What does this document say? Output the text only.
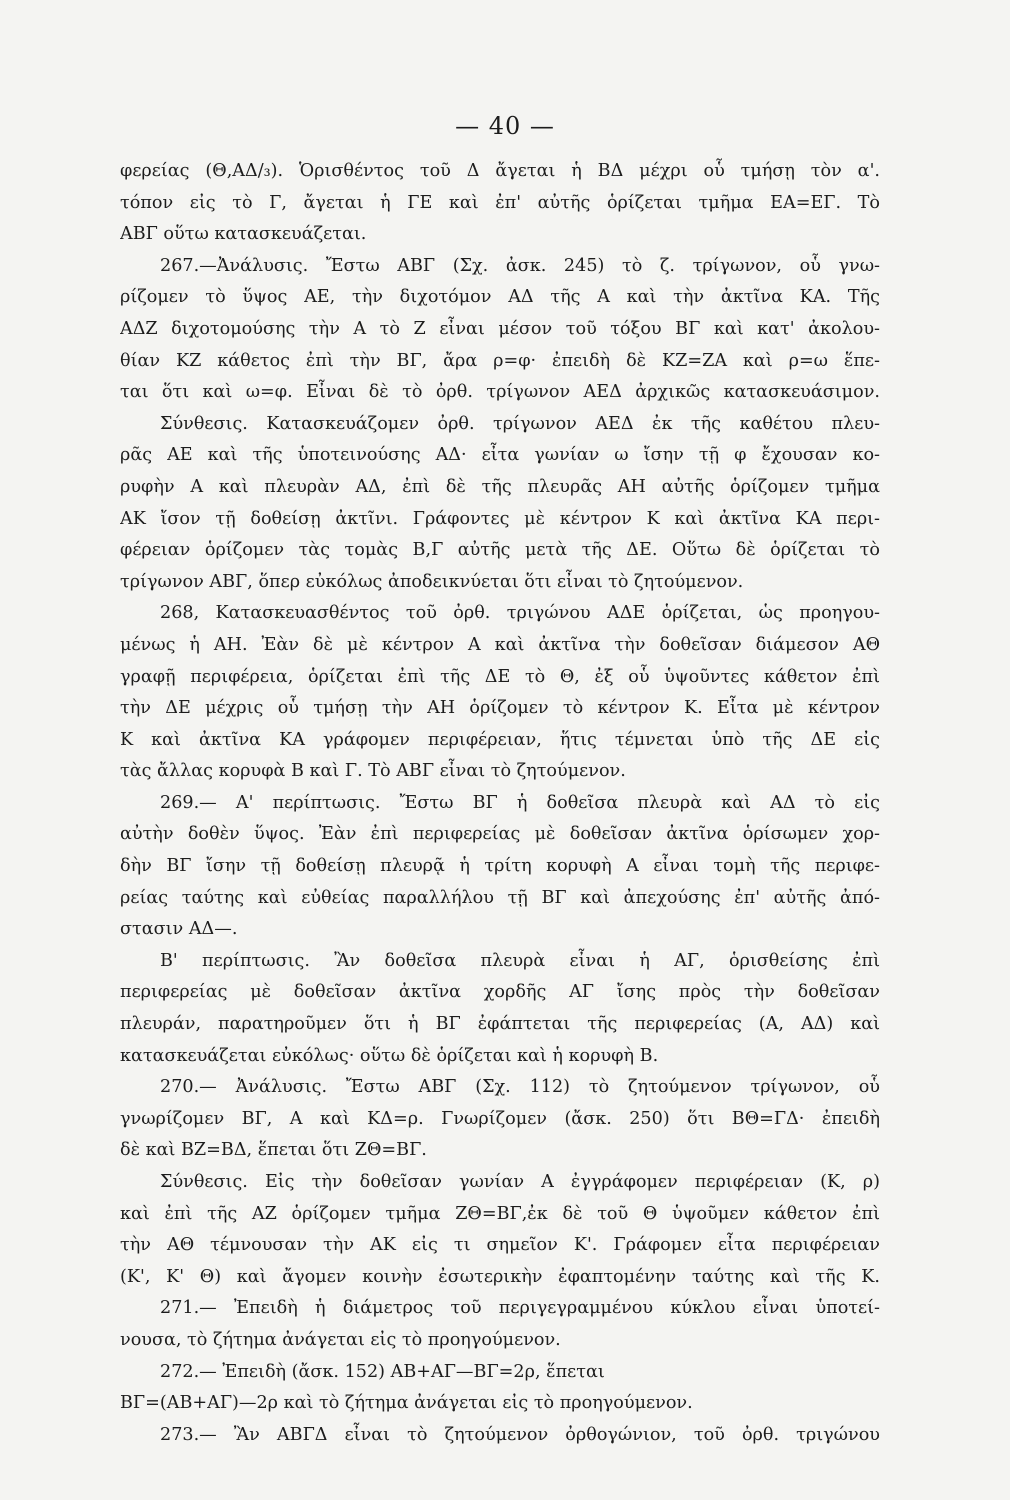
— 40 —
φερείας (Θ,ΑΔ/₃). Ὁρισθέντος τοῦ Δ ἄγεται ἡ ΒΔ μέχρι οὗ τμήσῃ τὸν α'.
τόπον εἰς τὸ Γ, ἄγεται ἡ ΓΕ καὶ ἐπ' αὐτῆς ὁρίζεται τμῆμα ΕΑ=ΕΓ. Τὸ
ΑΒΓ οὕτω κατασκευάζεται.
267.—Ἀνάλυσις. Ἔστω ΑΒΓ (Σχ. ἀσκ. 245) τὸ ζ. τρίγωνον, οὗ γνω-
ρίζομεν τὸ ὕψος ΑΕ, τὴν διχοτόμον ΑΔ τῆς Α καὶ τὴν ἀκτῖνα ΚΑ. Τῆς
ΑΔΖ διχοτομούσης τὴν Α τὸ Ζ εἶναι μέσον τοῦ τόξου ΒΓ καὶ κατ' ἀκολου-
θίαν ΚΖ κάθετος ἐπὶ τὴν ΒΓ, ἄρα ρ=φ· ἐπειδὴ δὲ ΚΖ=ΖΑ καὶ ρ=ω ἕπε-
ται ὅτι καὶ ω=φ. Εἶναι δὲ τὸ ὀρθ. τρίγωνον ΑΕΔ ἀρχικῶς κατασκευάσιμον.
Σύνθεσις. Κατασκευάζομεν ὀρθ. τρίγωνον ΑΕΔ ἐκ τῆς καθέτου πλευ-
ρᾶς ΑΕ καὶ τῆς ὑποτεινούσης ΑΔ· εἶτα γωνίαν ω ἴσην τῇ φ ἔχουσαν κο-
ρυφὴν Α καὶ πλευρὰν ΑΔ, ἐπὶ δὲ τῆς πλευρᾶς ΑΗ αὐτῆς ὁρίζομεν τμῆμα
ΑΚ ἴσον τῇ δοθείσῃ ἀκτῖνι. Γράφοντες μὲ κέντρον Κ καὶ ἀκτῖνα ΚΑ περι-
φέρειαν ὁρίζομεν τὰς τομὰς Β,Γ αὐτῆς μετὰ τῆς ΔΕ. Οὕτω δὲ ὁρίζεται τὸ
τρίγωνον ΑΒΓ, ὅπερ εὐκόλως ἀποδεικνύεται ὅτι εἶναι τὸ ζητούμενον.
268, Κατασκευασθέντος τοῦ ὀρθ. τριγώνου ΑΔΕ ὁρίζεται, ὡς προηγου-
μένως ἡ ΑΗ. Ἐὰν δὲ μὲ κέντρον Α καὶ ἀκτῖνα τὴν δοθεῖσαν διάμεσον ΑΘ
γραφῇ περιφέρεια, ὁρίζεται ἐπὶ τῆς ΔΕ τὸ Θ, ἐξ οὗ ὑψοῦντες κάθετον ἐπὶ
τὴν ΔΕ μέχρις οὗ τμήσῃ τὴν ΑΗ ὁρίζομεν τὸ κέντρον Κ. Εἶτα μὲ κέντρον
Κ καὶ ἀκτῖνα ΚΑ γράφομεν περιφέρειαν, ἥτις τέμνεται ὑπὸ τῆς ΔΕ εἰς
τὰς ἄλλας κορυφὰ Β καὶ Γ. Τὸ ΑΒΓ εἶναι τὸ ζητούμενον.
269.— Α' περίπτωσις. Ἔστω ΒΓ ἡ δοθεῖσα πλευρὰ καὶ ΑΔ τὸ εἰς
αὐτὴν δοθὲν ὕψος. Ἐὰν ἐπὶ περιφερείας μὲ δοθεῖσαν ἀκτῖνα ὁρίσωμεν χορ-
δὴν ΒΓ ἴσην τῇ δοθείσῃ πλευρᾷ ἡ τρίτη κορυφὴ Α εἶναι τομὴ τῆς περιφε-
ρείας ταύτης καὶ εὐθείας παραλλήλου τῇ ΒΓ καὶ ἀπεχούσης ἐπ' αὐτῆς ἀπό-
στασιν ΑΔ—.
Β' περίπτωσις. Ἂν δοθεῖσα πλευρὰ εἶναι ἡ ΑΓ, ὁρισθείσης ἐπὶ
περιφερείας μὲ δοθεῖσαν ἀκτῖνα χορδῆς ΑΓ ἴσης πρὸς τὴν δοθεῖσαν
πλευράν, παρατηροῦμεν ὅτι ἡ ΒΓ ἐφάπτεται τῆς περιφερείας (Α, ΑΔ) καὶ
κατασκευάζεται εὐκόλως· οὕτω δὲ ὁρίζεται καὶ ἡ κορυφὴ Β.
270.— Ἀνάλυσις. Ἔστω ΑΒΓ (Σχ. 112) τὸ ζητούμενον τρίγωνον, οὗ
γνωρίζομεν ΒΓ, Α καὶ ΚΔ=ρ. Γνωρίζομεν (ἄσκ. 250) ὅτι ΒΘ=ΓΔ· ἐπειδὴ
δὲ καὶ ΒΖ=ΒΔ, ἕπεται ὅτι ΖΘ=ΒΓ.
Σύνθεσις. Εἰς τὴν δοθεῖσαν γωνίαν Α ἐγγράφομεν περιφέρειαν (Κ, ρ)
καὶ ἐπὶ τῆς ΑΖ ὁρίζομεν τμῆμα ΖΘ=ΒΓ,ἐκ δὲ τοῦ Θ ὑψοῦμεν κάθετον ἐπὶ
τὴν ΑΘ τέμνουσαν τὴν ΑΚ εἰς τι σημεῖον Κ'. Γράφομεν εἶτα περιφέρειαν
(Κ', Κ' Θ) καὶ ἄγομεν κοινὴν ἐσωτερικὴν ἐφαπτομένην ταύτης καὶ τῆς Κ.
271.— Ἐπειδὴ ἡ διάμετρος τοῦ περιγεγραμμένου κύκλου εἶναι ὑποτεί-
νουσα, τὸ ζήτημα ἀνάγεται εἰς τὸ προηγούμενον.
272.— Ἐπειδὴ (ἄσκ. 152) ΑΒ+ΑΓ—ΒΓ=2ρ, ἕπεται
ΒΓ=(ΑΒ+ΑΓ)—2ρ καὶ τὸ ζήτημα ἀνάγεται εἰς τὸ προηγούμενον.
273.— Ἂν ΑΒΓΔ εἶναι τὸ ζητούμενον ὀρθογώνιον, τοῦ ὀρθ. τριγώνου
